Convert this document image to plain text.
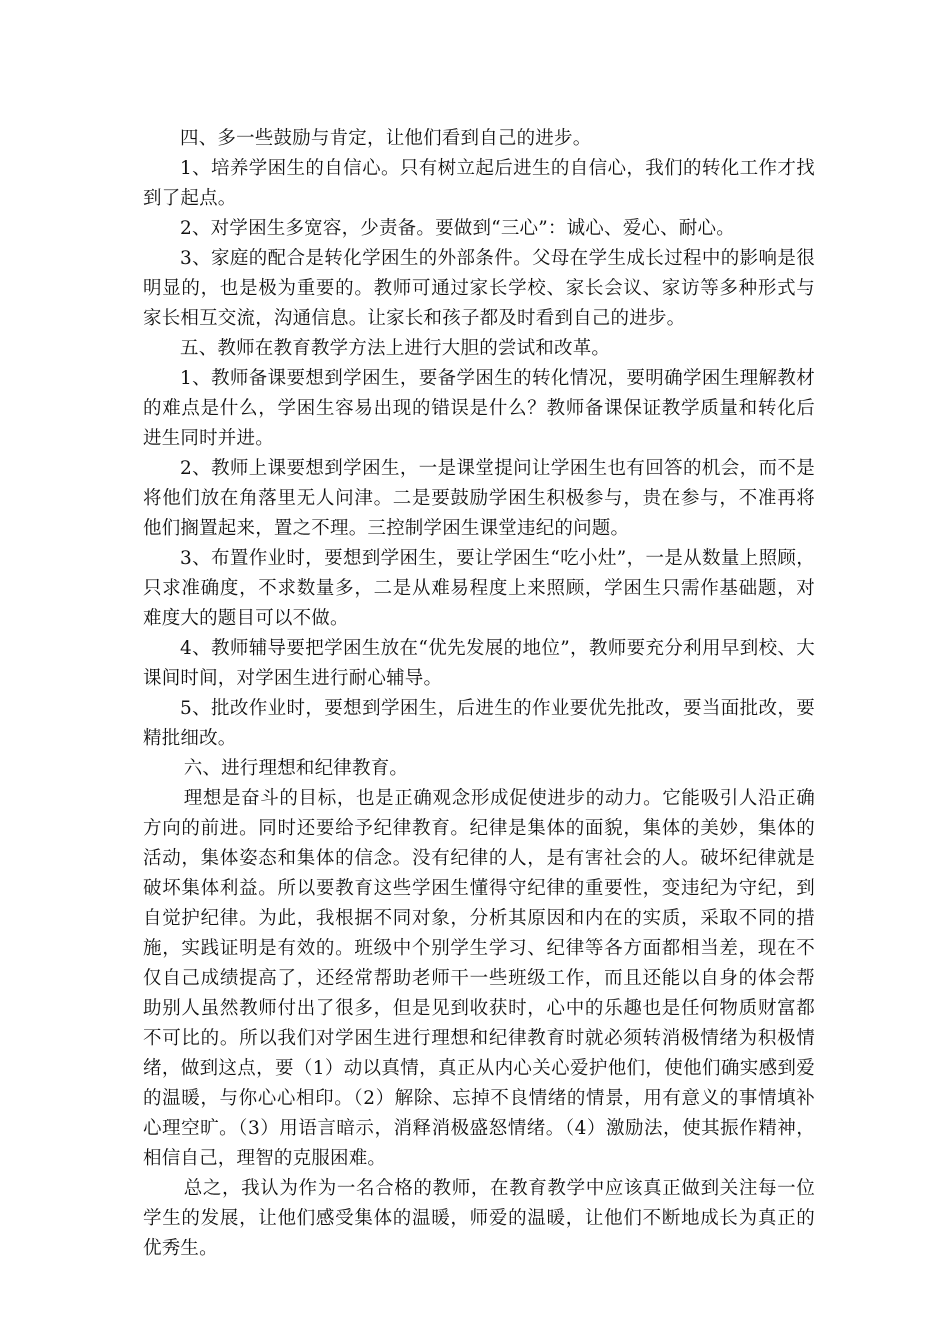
四、多一些鼓励与肯定，让他们看到自己的进步。

1、培养学困生的自信心。只有树立起后进生的自信心，我们的转化工作才找到了起点。

2、对学困生多宽容，少责备。要做到“三心”：诚心、爱心、耐心。

3、家庭的配合是转化学困生的外部条件。父母在学生成长过程中的影响是很明显的，也是极为重要的。教师可通过家长学校、家长会议、家访等多种形式与家长相互交流，沟通信息。让家长和孩子都及时看到自己的进步。

五、教师在教育教学方法上进行大胆的尝试和改革。

1、教师备课要想到学困生，要备学困生的转化情况，要明确学困生理解教材的难点是什么，学困生容易出现的错误是什么？教师备课保证教学质量和转化后进生同时并进。

2、教师上课要想到学困生，一是课堂提问让学困生也有回答的机会，而不是将他们放在角落里无人问津。二是要鼓励学困生积极参与，贵在参与，不准再将他们搁置起来，置之不理。三控制学困生课堂违纪的问题。

3、布置作业时，要想到学困生，要让学困生“吃小灶”，一是从数量上照顾，只求准确度，不求数量多，二是从难易程度上来照顾，学困生只需作基础题，对难度大的题目可以不做。

4、教师辅导要把学困生放在“优先发展的地位”，教师要充分利用早到校、大课间时间，对学困生进行耐心辅导。

5、批改作业时，要想到学困生，后进生的作业要优先批改，要当面批改，要精批细改。

六、进行理想和纪律教育。

理想是奋斗的目标，也是正确观念形成促使进步的动力。它能吸引人沿正确方向的前进。同时还要给予纪律教育。纪律是集体的面貌，集体的美妙，集体的活动，集体姿态和集体的信念。没有纪律的人，是有害社会的人。破坏纪律就是破坏集体利益。所以要教育这些学困生懂得守纪律的重要性，变违纪为守纪，到自觉护纪律。为此，我根据不同对象，分析其原因和内在的实质，采取不同的措施，实践证明是有效的。班级中个别学生学习、纪律等各方面都相当差，现在不仅自己成绩提高了，还经常帮助老师干一些班级工作，而且还能以自身的体会帮助别人虽然教师付出了很多，但是见到收获时，心中的乐趣也是任何物质财富都不可比的。所以我们对学困生进行理想和纪律教育时就必须转消极情绪为积极情绪，做到这点，要（1）动以真情，真正从内心关心爱护他们，使他们确实感到爱的温暖，与你心心相印。（2）解除、忘掉不良情绪的情景，用有意义的事情填补心理空旷。（3）用语言暗示，消释消极盛怒情绪。（4）激励法，使其振作精神，相信自己，理智的克服困难。

总之，我认为作为一名合格的教师，在教育教学中应该真正做到关注每一位学生的发展，让他们感受集体的温暖，师爱的温暖，让他们不断地成长为真正的优秀生。
